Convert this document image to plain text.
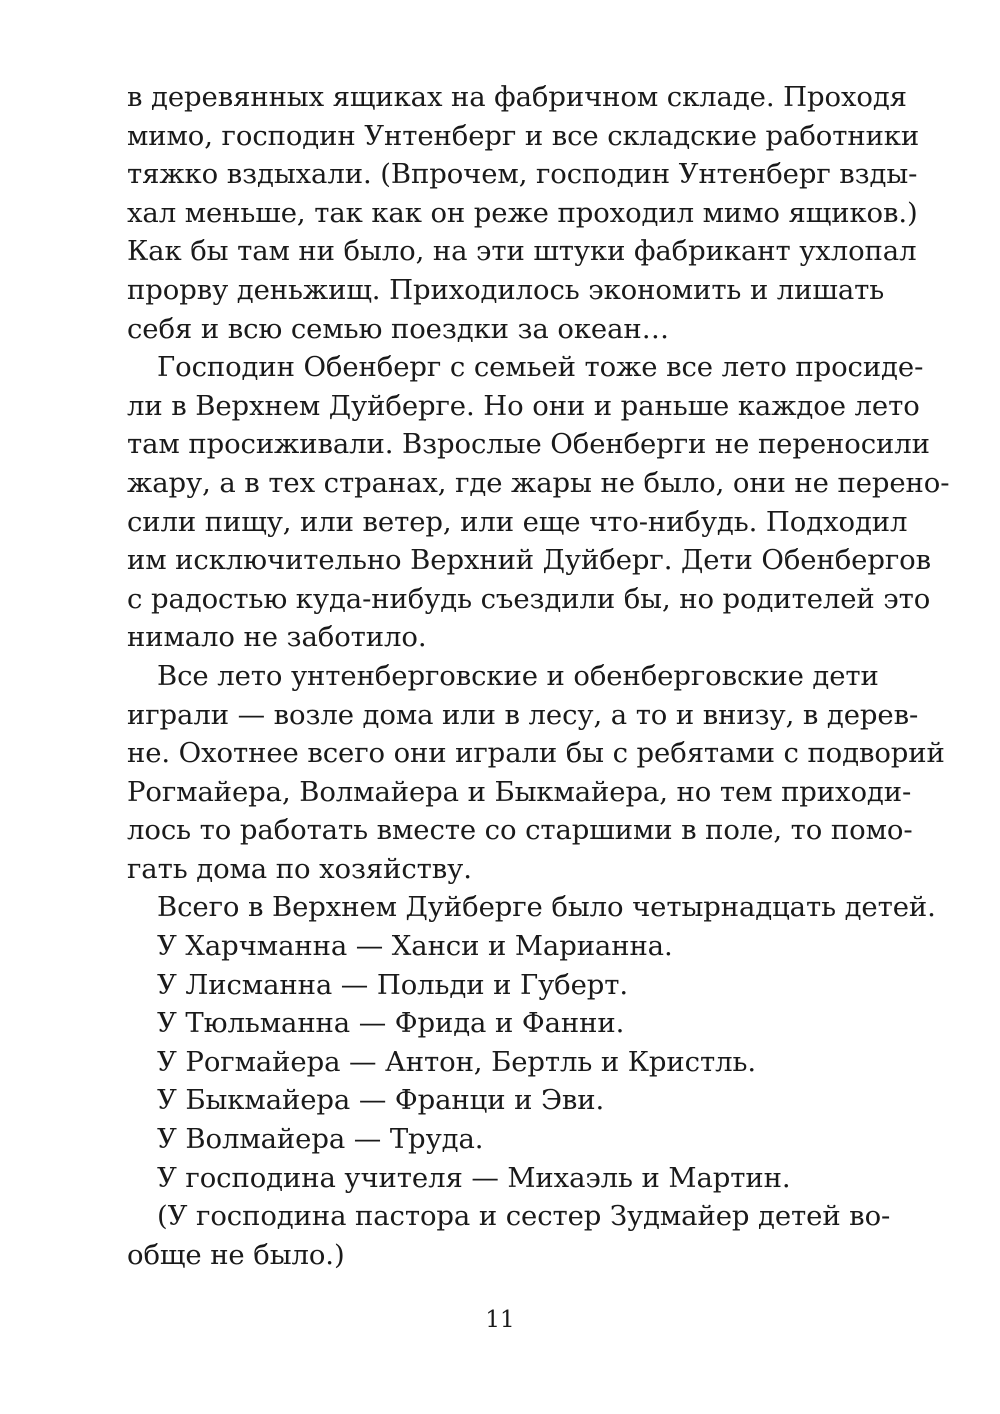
в деревянных ящиках на фабричном складе. Проходя
мимо, господин Унтенберг и все складские работники
тяжко вздыхали. (Впрочем, господин Унтенберг взды-
хал меньше, так как он реже проходил мимо ящиков.)
Как бы там ни было, на эти штуки фабрикант ухлопал
прорву деньжищ. Приходилось экономить и лишать
себя и всю семью поездки за океан…
Господин Обенберг с семьей тоже все лето просиде-
ли в Верхнем Дуйберге. Но они и раньше каждое лето
там просиживали. Взрослые Обенберги не переносили
жару, а в тех странах, где жары не было, они не перено-
сили пищу, или ветер, или еще что-нибудь. Подходил
им исключительно Верхний Дуйберг. Дети Обенбергов
с радостью куда-нибудь съездили бы, но родителей это
нимало не заботило.
Все лето унтенберговские и обенберговские дети
играли — возле дома или в лесу, а то и внизу, в дерев-
не. Охотнее всего они играли бы с ребятами с подворий
Рогмайера, Волмайера и Быкмайера, но тем приходи-
лось то работать вместе со старшими в поле, то помо-
гать дома по хозяйству.
Всего в Верхнем Дуйберге было четырнадцать детей.
У Харчманна — Ханси и Марианна.
У Лисманна — Польди и Губерт.
У Тюльманна — Фрида и Фанни.
У Рогмайера — Антон, Бертль и Кристль.
У Быкмайера — Франци и Эви.
У Волмайера — Труда.
У господина учителя — Михаэль и Мартин.
(У господина пастора и сестер Зудмайер детей во-
обще не было.)
11
